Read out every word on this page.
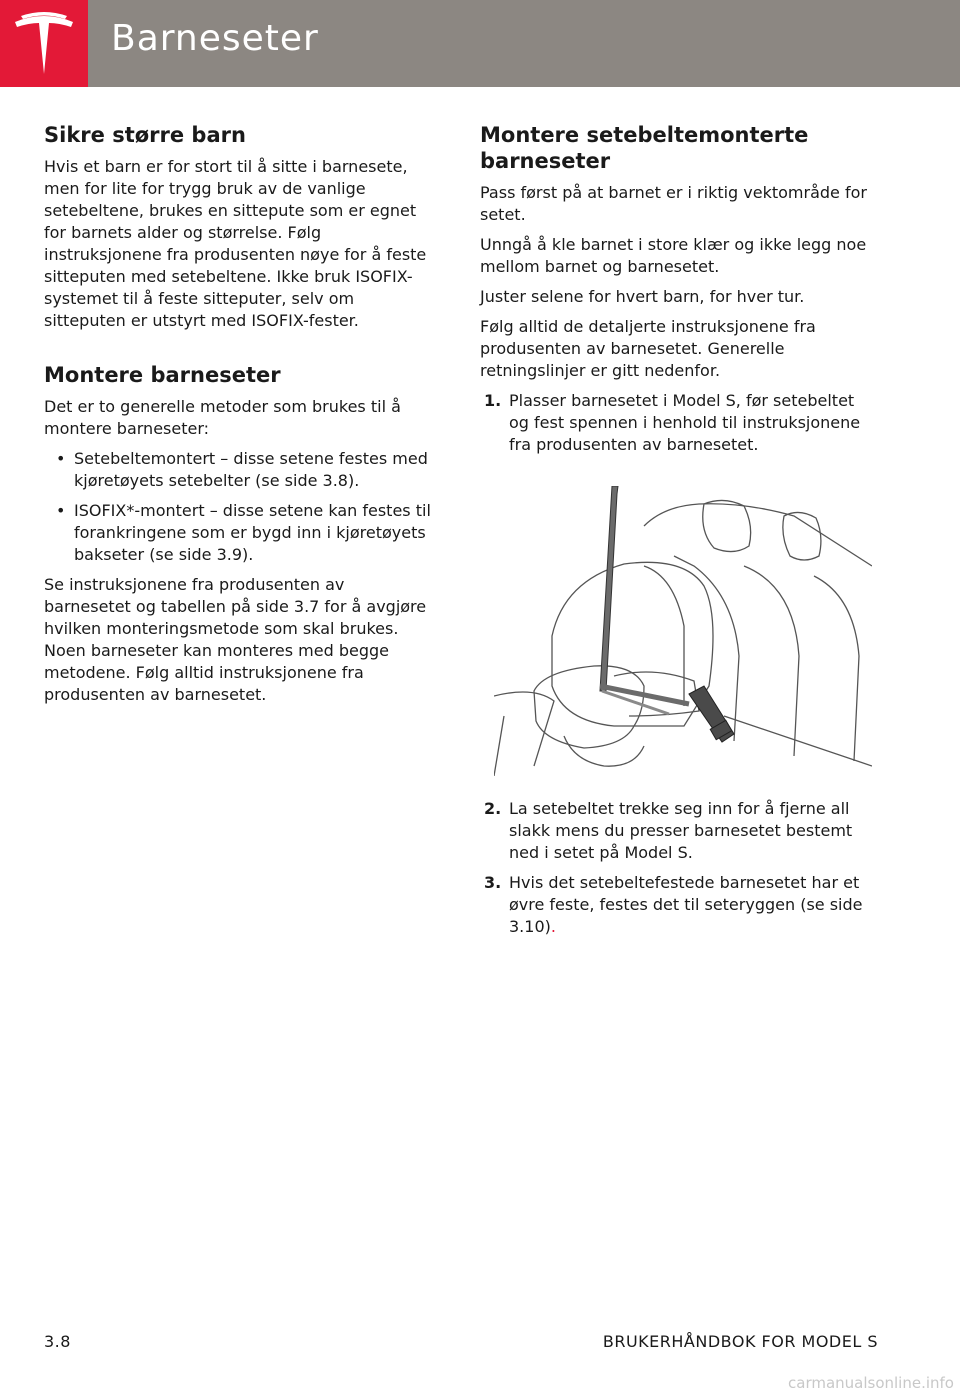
Barneseter
Sikre større barn

Hvis et barn er for stort til å sitte i barnesete, men for lite for trygg bruk av de vanlige setebeltene, brukes en sittepute som er egnet for barnets alder og størrelse. Følg instruksjonene fra produsenten nøye for å feste sitteputen med setebeltene. Ikke bruk ISOFIX-systemet til å feste sitteputer, selv om sitteputen er utstyrt med ISOFIX-fester.

Montere barneseter

Det er to generelle metoder som brukes til å montere barneseter:

• Setebeltemontert – disse setene festes med kjøretøyets setebelter (se side 3.8).
• ISOFIX*-montert – disse setene kan festes til forankringene som er bygd inn i kjøretøyets bakseter (se side 3.9).

Se instruksjonene fra produsenten av barnesetet og tabellen på side 3.7 for å avgjøre hvilken monteringsmetode som skal brukes. Noen barneseter kan monteres med begge metodene. Følg alltid instruksjonene fra produsenten av barnesetet.

Montere setebeltemonterte barneseter

Pass først på at barnet er i riktig vektområde for setet.

Unngå å kle barnet i store klær og ikke legg noe mellom barnet og barnesetet.

Juster selene for hvert barn, for hver tur.

Følg alltid de detaljerte instruksjonene fra produsenten av barnesetet. Generelle retningslinjer er gitt nedenfor.

1. Plasser barnesetet i Model S, før setebeltet og fest spennen i henhold til instruksjonene fra produsenten av barnesetet.
2. La setebeltet trekke seg inn for å fjerne all slakk mens du presser barnesetet bestemt ned i setet på Model S.
3. Hvis det setebeltefestede barnesetet har et øvre feste, festes det til seteryggen (se side 3.10).
3.8	BRUKERHÅNDBOK FOR MODEL S
carmanualsonline.info
